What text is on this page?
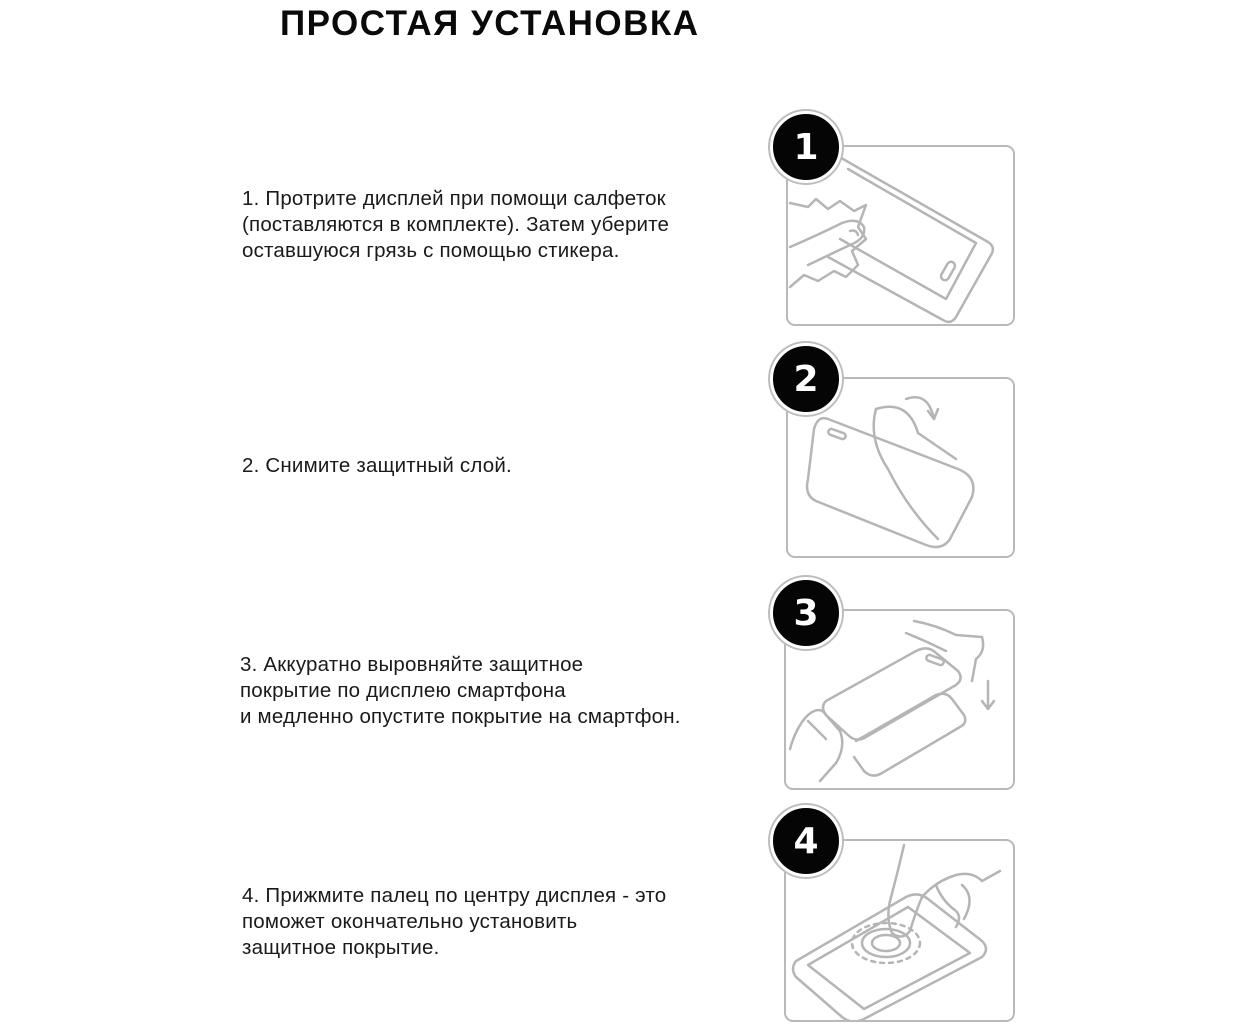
ПРОСТАЯ УСТАНОВКА
1. Протрите дисплей при помощи салфеток
(поставляются в комплекте). Затем уберите
оставшуюся грязь с помощью стикера.
1
2. Снимите защитный слой.
2
3. Аккуратно выровняйте защитное
покрытие по дисплею смартфона
и медленно опустите покрытие на смартфон.
3
4. Прижмите палец по центру дисплея - это
поможет окончательно установить
защитное покрытие.
4
